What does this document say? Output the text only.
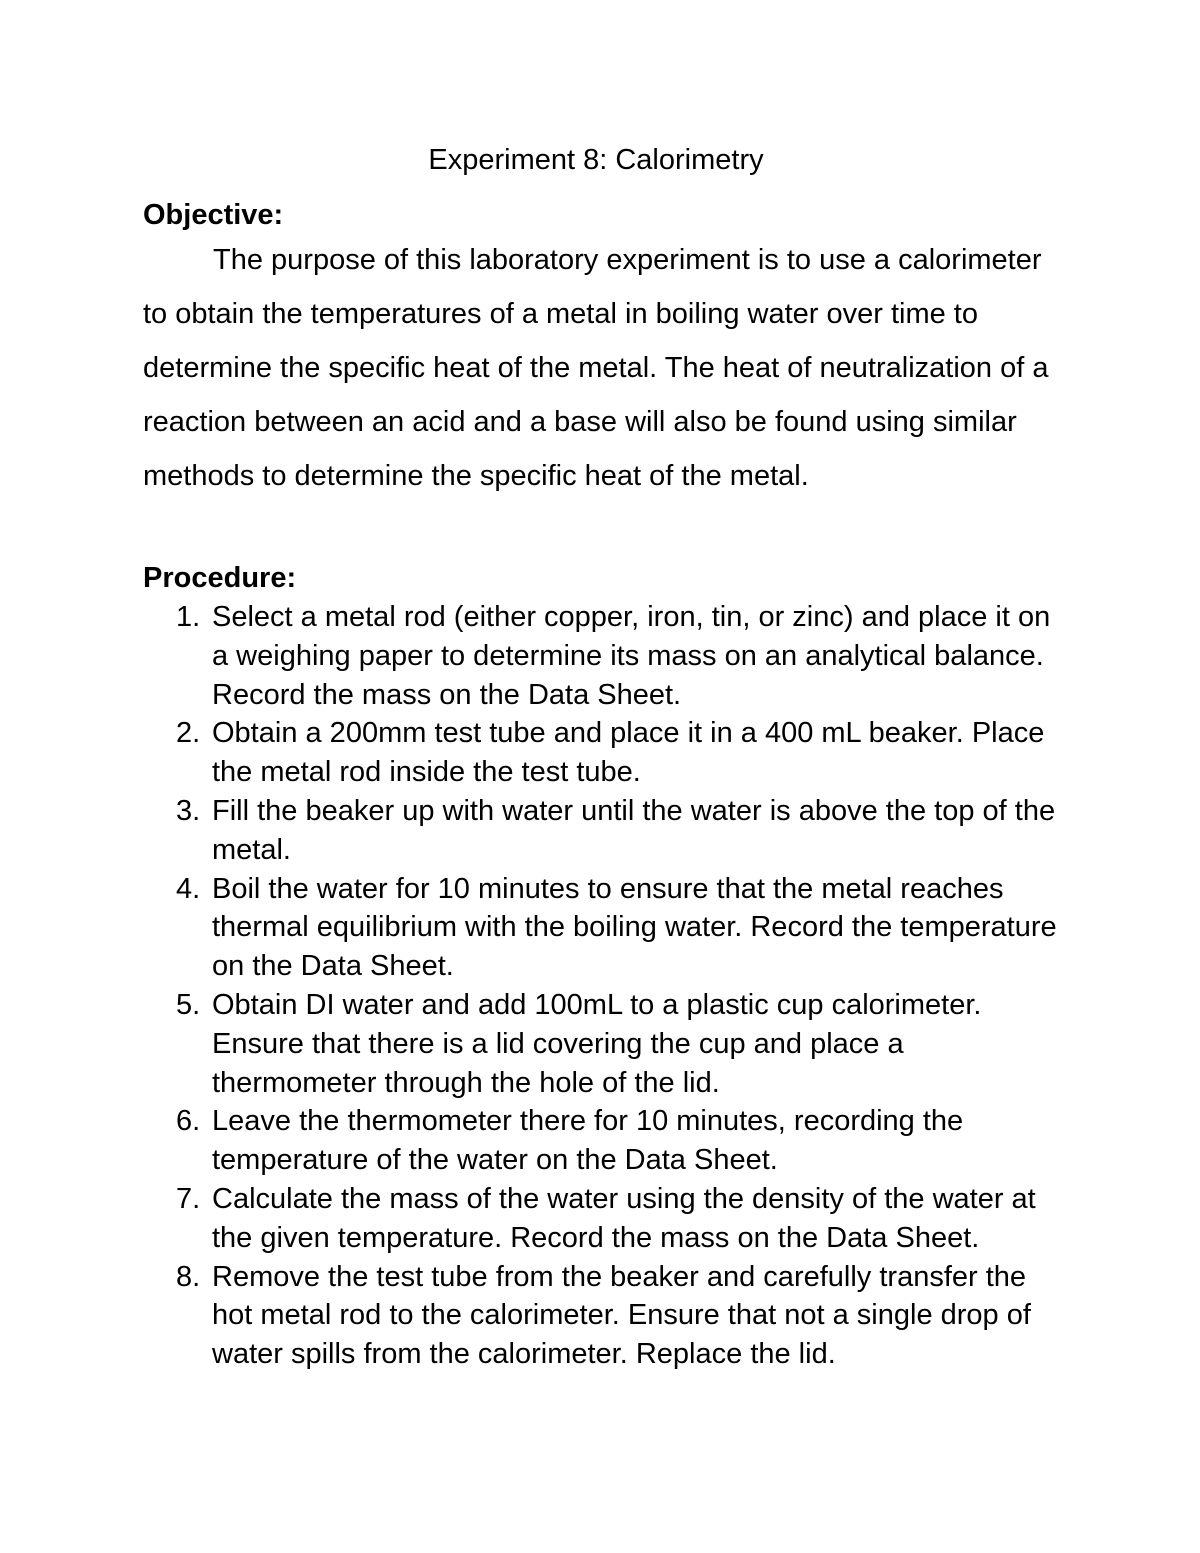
Experiment 8: Calorimetry
Objective:

The purpose of this laboratory experiment is to use a calorimeter to obtain the temperatures of a metal in boiling water over time to determine the specific heat of the metal. The heat of neutralization of a reaction between an acid and a base will also be found using similar methods to determine the specific heat of the metal.

Procedure:
1. Select a metal rod (either copper, iron, tin, or zinc) and place it on a weighing paper to determine its mass on an analytical balance. Record the mass on the Data Sheet.
2. Obtain a 200mm test tube and place it in a 400 mL beaker. Place the metal rod inside the test tube.
3. Fill the beaker up with water until the water is above the top of the metal.
4. Boil the water for 10 minutes to ensure that the metal reaches thermal equilibrium with the boiling water. Record the temperature on the Data Sheet.
5. Obtain DI water and add 100mL to a plastic cup calorimeter. Ensure that there is a lid covering the cup and place a thermometer through the hole of the lid.
6. Leave the thermometer there for 10 minutes, recording the temperature of the water on the Data Sheet.
7. Calculate the mass of the water using the density of the water at the given temperature. Record the mass on the Data Sheet.
8. Remove the test tube from the beaker and carefully transfer the hot metal rod to the calorimeter. Ensure that not a single drop of water spills from the calorimeter. Replace the lid.
